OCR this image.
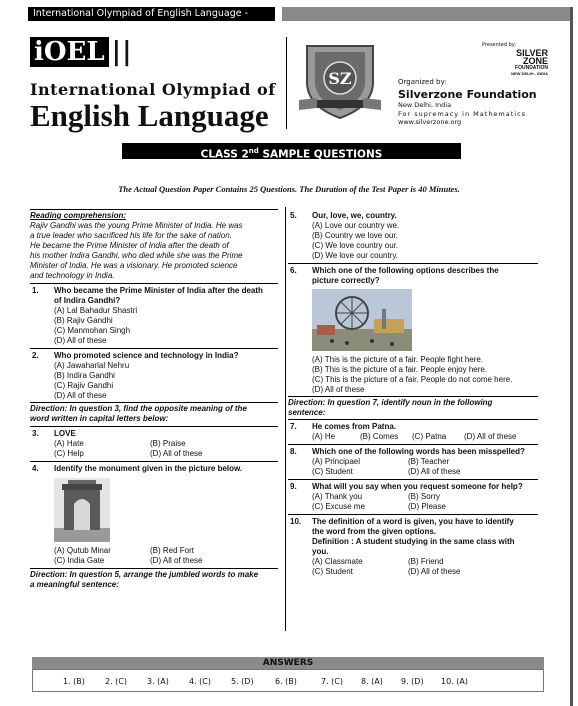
International Olympiad of English Language - iOEL' 23
iOEL ||
International Olympiad of
English Language
SZ
Presented by:
SILVER
ZONE
FOUNDATION
NEW DELHI - INDIA
Organized by:
Silverzone Foundation
New Delhi, India
For supremacy in Mathematics
www.silverzone.org
CLASS 2nd SAMPLE QUESTIONS
The Actual Question Paper Contains 25 Questions. The Duration of the Test Paper is 40 Minutes.
Reading comprehension:
Rajiv Gandhi was the young Prime Minister of India. He was
a true leader who sacrificed his life for the sake of nation.
He became the Prime Minister of India after the death of
his mother Indira Gandhi, who died while she was the Prime
Minister of India. He was a visionary. He promoted science
and technology in India.
1. Who became the Prime Minister of India after the death
of Indira Gandhi?
(A) Lal Bahadur Shastri
(B) Rajiv Gandhi
(C) Manmohan Singh
(D) All of these
2. Who promoted science and technology in India?
(A) Jawaharlal Nehru
(B) Indira Gandhi
(C) Rajiv Gandhi
(D) All of these
Direction: In question 3, find the opposite meaning of the
word written in capital letters below:
3. LOVE
(A) Hate	(B) Praise
(C) Help	(D) All of these
4. Identify the monument given in the picture below.
(A) Qutub Minar	(B) Red Fort
(C) India Gate	(D) All of these
Direction: In question 5, arrange the jumbled words to make
a meaningful sentence:
5. Our, love, we, country.
(A) Love our country we.
(B) Country we love our.
(C) We love country our.
(D) We love our country.
6. Which one of the following options describes the
picture correctly?
(A) This is the picture of a fair. People fight here.
(B) This is the picture of a fair. People enjoy here.
(C) This is the picture of a fair. People do not come here.
(D) All of these
Direction: In question 7, identify noun in the following
sentence:
7. He comes from Patna.
(A) He	(B) Comes	(C) Patna	(D) All of these
8. Which one of the following words has been misspelled?
(A) Principael	(B) Teacher
(C) Student	(D) All of these
9. What will you say when you request someone for help?
(A) Thank you	(B) Sorry
(C) Excuse me	(D) Please
10. The definition of a word is given, you have to identify
the word from the given options.
Definition : A student studying in the same class with
you.
(A) Classmate	(B) Friend
(C) Student	(D) All of these
ANSWERS
1. (B)	2. (C) 3. (A)	4. (C) 5. (D)	6. (B)	7. (C) 8. (A) 9. (D) 10. (A)
